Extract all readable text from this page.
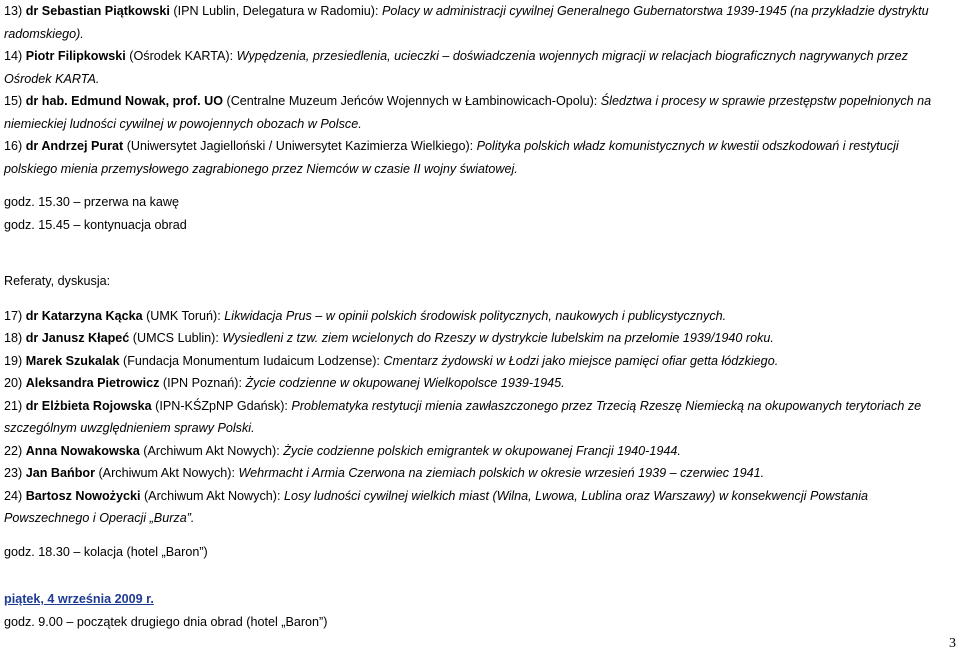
13) dr Sebastian Piątkowski (IPN Lublin, Delegatura w Radomiu): Polacy w administracji cywilnej Generalnego Gubernatorstwa 1939-1945 (na przykładzie dystryktu radomskiego).

14) Piotr Filipkowski (Ośrodek KARTA): Wypędzenia, przesiedlenia, ucieczki – doświadczenia wojennych migracji w relacjach biograficznych nagrywanych przez Ośrodek KARTA.

15) dr hab. Edmund Nowak, prof. UO (Centralne Muzeum Jeńców Wojennych w Łambinowicach-Opolu): Śledztwa i procesy w sprawie przestępstw popełnionych na niemieckiej ludności cywilnej w powojennych obozach w Polsce.

16) dr Andrzej Purat (Uniwersytet Jagielloński / Uniwersytet Kazimierza Wielkiego): Polityka polskich władz komunistycznych w kwestii odszkodowań i restytucji polskiego mienia przemysłowego zagrabionego przez Niemców w czasie II wojny światowej.

godz. 15.30 – przerwa na kawę

godz. 15.45 – kontynuacja obrad

Referaty, dyskusja:

17) dr Katarzyna Kącka (UMK Toruń): Likwidacja Prus – w opinii polskich środowisk politycznych, naukowych i publicystycznych.

18) dr Janusz Kłapeć (UMCS Lublin): Wysiedleni z tzw. ziem wcielonych do Rzeszy w dystrykcie lubelskim na przełomie 1939/1940 roku.

19) Marek Szukalak (Fundacja Monumentum Iudaicum Lodzense): Cmentarz żydowski w Łodzi jako miejsce pamięci ofiar getta łódzkiego.

20) Aleksandra Pietrowicz (IPN Poznań): Życie codzienne w okupowanej Wielkopolsce 1939-1945.

21) dr Elżbieta Rojowska (IPN-KŚZpNP Gdańsk): Problematyka restytucji mienia zawłaszczonego przez Trzecią Rzeszę Niemiecką na okupowanych terytoriach ze szczególnym uwzględnieniem sprawy Polski.

22) Anna Nowakowska (Archiwum Akt Nowych): Życie codzienne polskich emigrantek w okupowanej Francji 1940-1944.

23) Jan Bańbor (Archiwum Akt Nowych): Wehrmacht i Armia Czerwona na ziemiach polskich w okresie wrzesień 1939 – czerwiec 1941.

24) Bartosz Nowożycki (Archiwum Akt Nowych): Losy ludności cywilnej wielkich miast (Wilna, Lwowa, Lublina oraz Warszawy) w konsekwencji Powstania Powszechnego i Operacji „Burza”.

godz. 18.30 – kolacja (hotel „Baron”)

piątek, 4 września 2009 r.

godz. 9.00 – początek drugiego dnia obrad (hotel „Baron”)

3
